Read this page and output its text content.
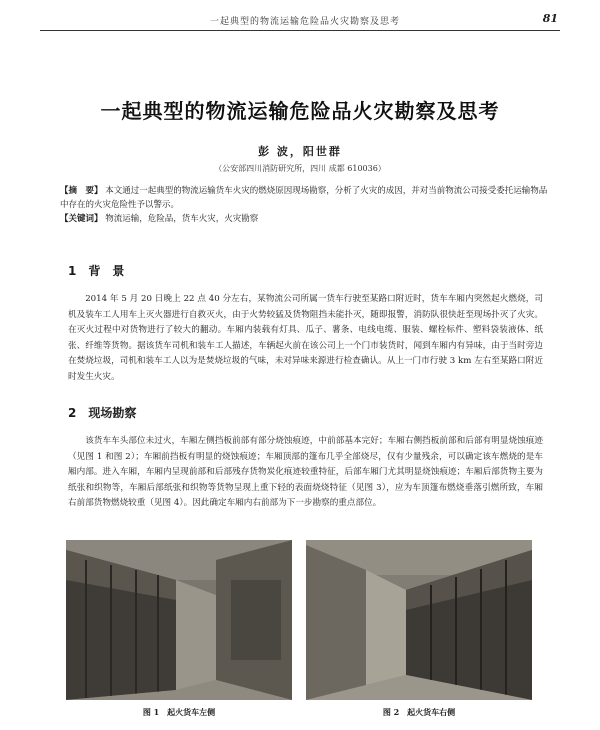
一起典型的物流运输危险品火灾勘察及思考	81
一起典型的物流运输危险品火灾勘察及思考
彭 波，阳世群
（公安部四川消防研究所，四川 成都 610036）
【摘　要】 本文通过一起典型的物流运输货车火灾的燃烧原因现场勘察，分析了火灾的成因，并对当前物流公司接受委托运输物品中存在的火灾危险性予以警示。
【关键词】 物流运输，危险品，货车火灾，火灾勘察
1　背　景
2014 年 5 月 20 日晚上 22 点 40 分左右，某物流公司所属一货车行驶至某路口附近时，货车车厢内突然起火燃烧，司机及装车工人用车上灭火器进行自救灭火，由于火势较猛及货物阻挡未能扑灭，随即报警，消防队很快赶至现场扑灭了火灾。在灭火过程中对货物进行了较大的翻动。车厢内装载有灯具、瓜子、薯条、电线电缆、服装、螺栓标件、塑料袋装液体、纸张、纤维等货物。据该货车司机和装车工人描述，车辆起火前在该公司上一个门市装货时，闻到车厢内有异味，由于当时旁边在焚烧垃圾，司机和装车工人以为是焚烧垃圾的气味，未对异味来源进行检查确认。从上一门市行驶 3 km 左右至某路口附近时发生火灾。
2　现场勘察
该货车车头部位未过火，车厢左侧挡板前部有部分烧蚀痕迹，中前部基本完好；车厢右侧挡板前部和后部有明显烧蚀痕迹（见图 1 和图 2）；车厢前挡板有明显的烧蚀痕迹；车厢顶部的篷布几乎全部烧尽，仅有少量残余，可以确定该车燃烧的是车厢内部。进入车厢，车厢内呈现前部和后部残存货物炭化痕迹较重特征，后部车厢门尤其明显烧蚀痕迹；车厢后部货物主要为纸张和织物等，车厢后部纸张和织物等货物呈现上重下轻的表面烧烧特征（见图 3），应为车顶篷布燃烧垂落引燃所致，车厢右前部货物燃烧较重（见图 4）。因此确定车厢内右前部为下一步勘察的重点部位。
图 1　起火货车左侧	图 2　起火货车右侧
